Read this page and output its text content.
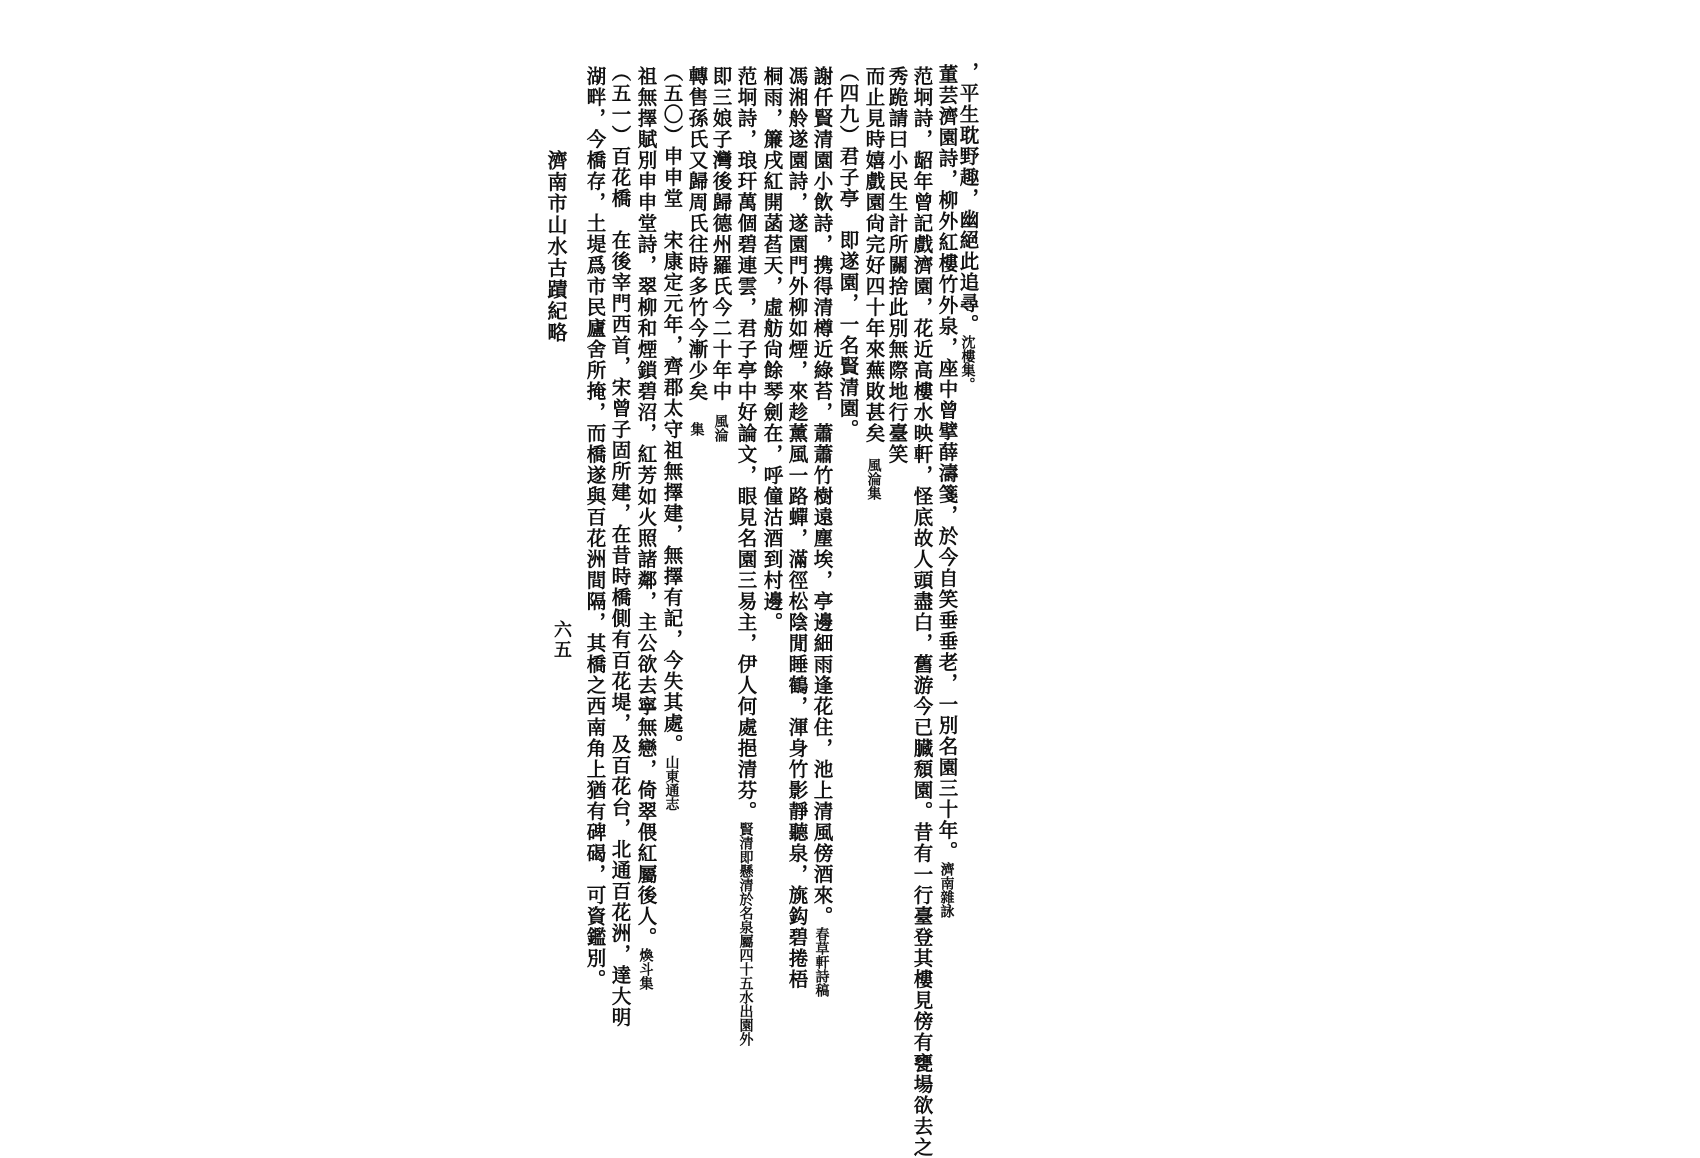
，平生耽野趣，幽絕此追尋。沈樓集。
董芸濟園詩，柳外紅樓竹外泉，座中曾擘薛濤箋，於今自笑垂垂老，一別名園三十年。濟南雜詠
范坰詩，龆年曾記戲濟園，花近高樓水映軒，怪底故人頭盡白，舊游今已臓頹園。昔有一行臺登其樓見傍有甕場欲去之
秀跪請曰小民生計所關捨此別無際地行臺笑
而止見時嬉戲園尙完好四十年來蕪敗甚矣風淪集
（四九）君子亭　即遂園，一名賢清園。
謝仟賢清園小飲詩，携得清樽近綠苔，蕭蕭竹樹遠塵埃，亭邊細雨逢花住，池上清風傍酒來。春草軒詩稿
馮湘舲遂園詩，遂園門外柳如煙，來趁薰風一路蟬，滿徑松陰閒睡鶴，渾身竹影靜聽泉，旐鈎碧捲梧
桐雨，簾戌紅開菡萏天，虛舫尙餘琴劍在，呼僮沽酒到村邊。
范坰詩，琅玕萬個碧連雲，君子亭中好論文，眼見名園三易主，伊人何處挹清芬。賢清即懸清於名泉屬四十五水出園外
即三娘子灣後歸德州羅氏今二十年中風淪
轉售孫氏又歸周氏往時多竹今漸少矣集
（五〇）申申堂　宋康定元年，齊郡太守祖無擇建，無擇有記，今失其處。山東通志
祖無擇賦別申申堂詩，翠柳和煙鎖碧沼，紅芳如火照諸鄰，主公欲去寧無戀，倚翠偎紅屬後人。煥斗集
（五一）百花橋　在後宰門西首，宋曾子固所建，在昔時橋側有百花堤，及百花台，北通百花洲，達大明
湖畔，今橋存，土堤爲市民廬舍所掩，而橋遂與百花洲間隔，其橋之西南角上猶有碑碣，可資鑑別。
濟南市山水古蹟紀略
六五
